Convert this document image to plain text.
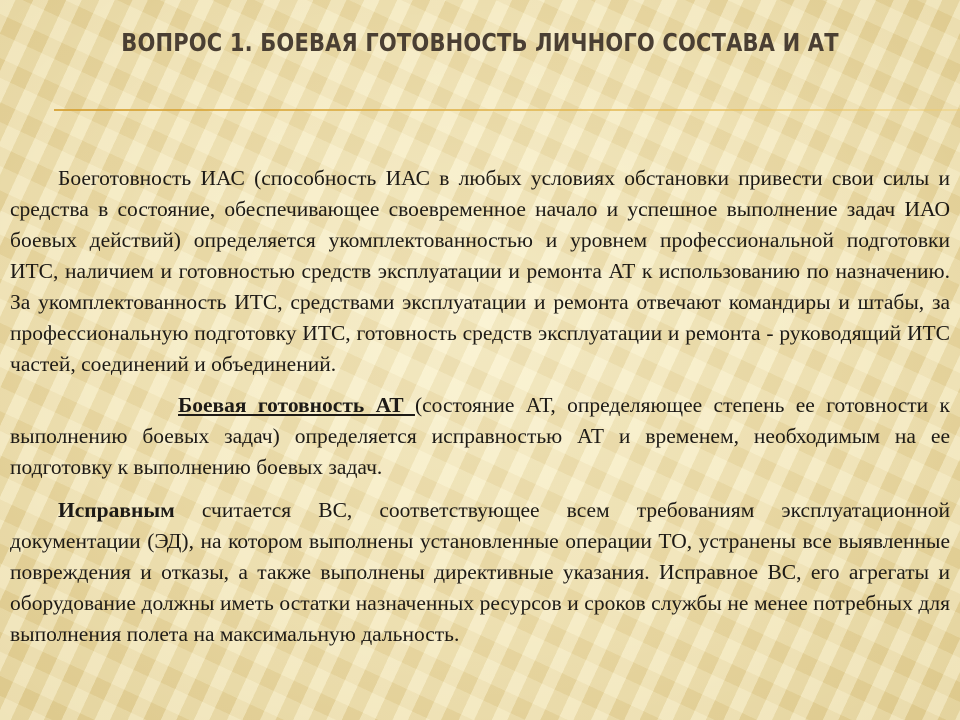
ВОПРОС 1. БОЕВАЯ ГОТОВНОСТЬ ЛИЧНОГО СОСТАВА И АТ

Боеготовность ИАС (способность ИАС в любых условиях обстановки привести свои силы и средства в состояние, обеспечивающее своевременное начало и успешное выполнение задач ИАО боевых действий) определяется укомплектованностью и уровнем профессиональной подготовки ИТС, наличием и готовностью средств эксплуатации и ремонта АТ к использованию по назначению. За укомплектованность ИТС, средствами эксплуатации и ремонта отвечают командиры и штабы, за профессиональную подготовку ИТС, готовность средств эксплуатации и ремонта - руководящий ИТС частей, соединений и объединений.

Боевая готовность АТ (состояние АТ, определяющее степень ее готовности к выполнению боевых задач) определяется исправностью АТ и временем, необходимым на ее подготовку к выполнению боевых задач.

Исправным считается ВС, соответствующее всем требованиям эксплуатационной документации (ЭД), на котором выполнены установленные операции ТО, устранены все выявленные повреждения и отказы, а также выполнены директивные указания. Исправное ВС, его агрегаты и оборудование должны иметь остатки назначенных ресурсов и сроков службы не менее потребных для выполнения полета на максимальную дальность.
